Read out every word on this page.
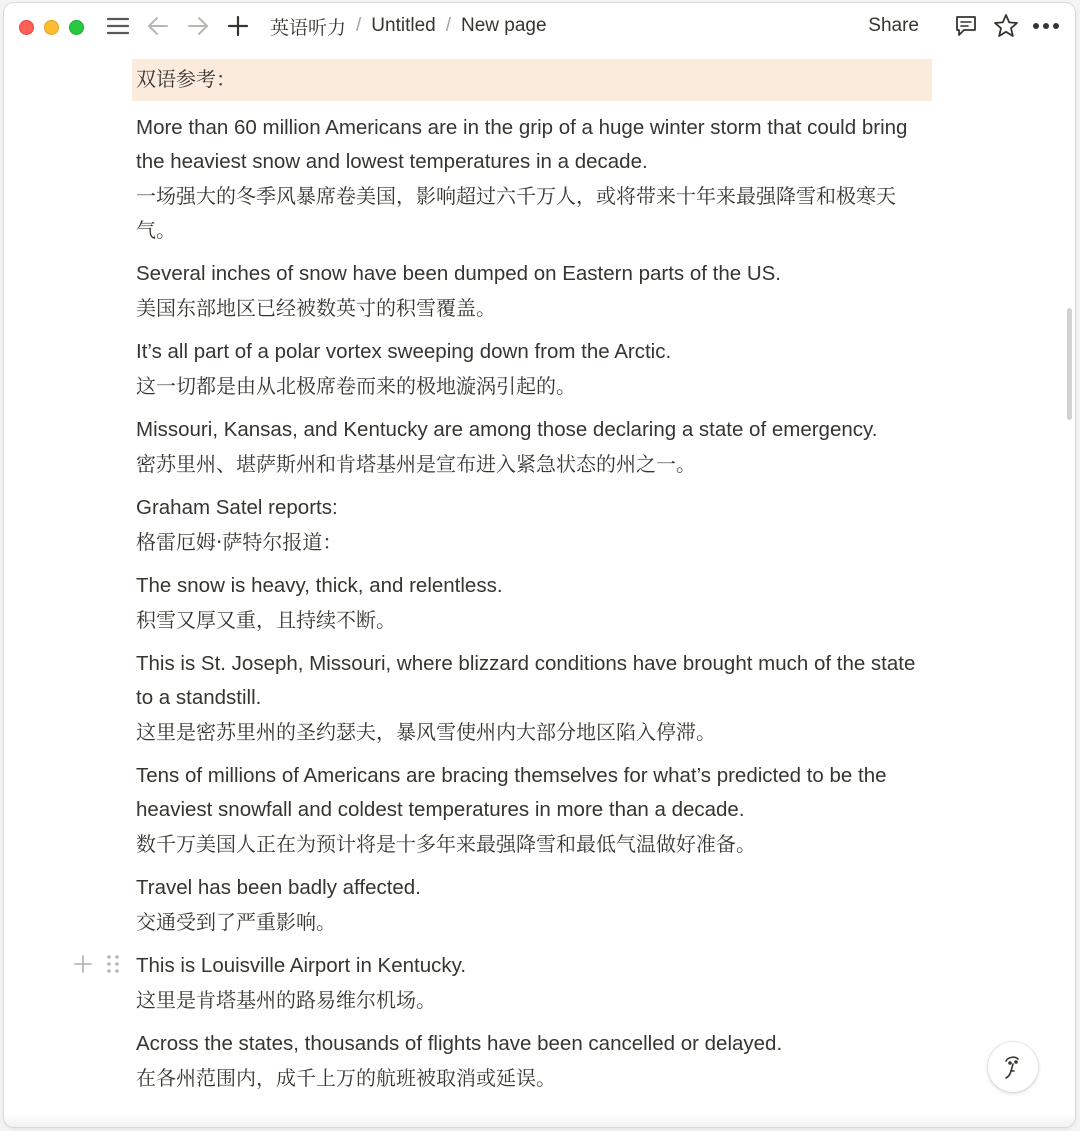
英语听力 / Untitled / New page	Share
双语参考：
More than 60 million Americans are in the grip of a huge winter storm that could bring the heaviest snow and lowest temperatures in a decade.
一场强大的冬季风暴席卷美国，影响超过六千万人，或将带来十年来最强降雪和极寒天气。
Several inches of snow have been dumped on Eastern parts of the US.
美国东部地区已经被数英寸的积雪覆盖。
It’s all part of a polar vortex sweeping down from the Arctic.
这一切都是由从北极席卷而来的极地漩涡引起的。
Missouri, Kansas, and Kentucky are among those declaring a state of emergency.
密苏里州、堪萨斯州和肯塔基州是宣布进入紧急状态的州之一。
Graham Satel reports:
格雷厄姆·萨特尔报道：
The snow is heavy, thick, and relentless.
积雪又厚又重，且持续不断。
This is St. Joseph, Missouri, where blizzard conditions have brought much of the state to a standstill.
这里是密苏里州的圣约瑟夫，暴风雪使州内大部分地区陷入停滞。
Tens of millions of Americans are bracing themselves for what’s predicted to be the heaviest snowfall and coldest temperatures in more than a decade.
数千万美国人正在为预计将是十多年来最强降雪和最低气温做好准备。
Travel has been badly affected.
交通受到了严重影响。
This is Louisville Airport in Kentucky.
这里是肯塔基州的路易维尔机场。
Across the states, thousands of flights have been cancelled or delayed.
在各州范围内，成千上万的航班被取消或延误。
